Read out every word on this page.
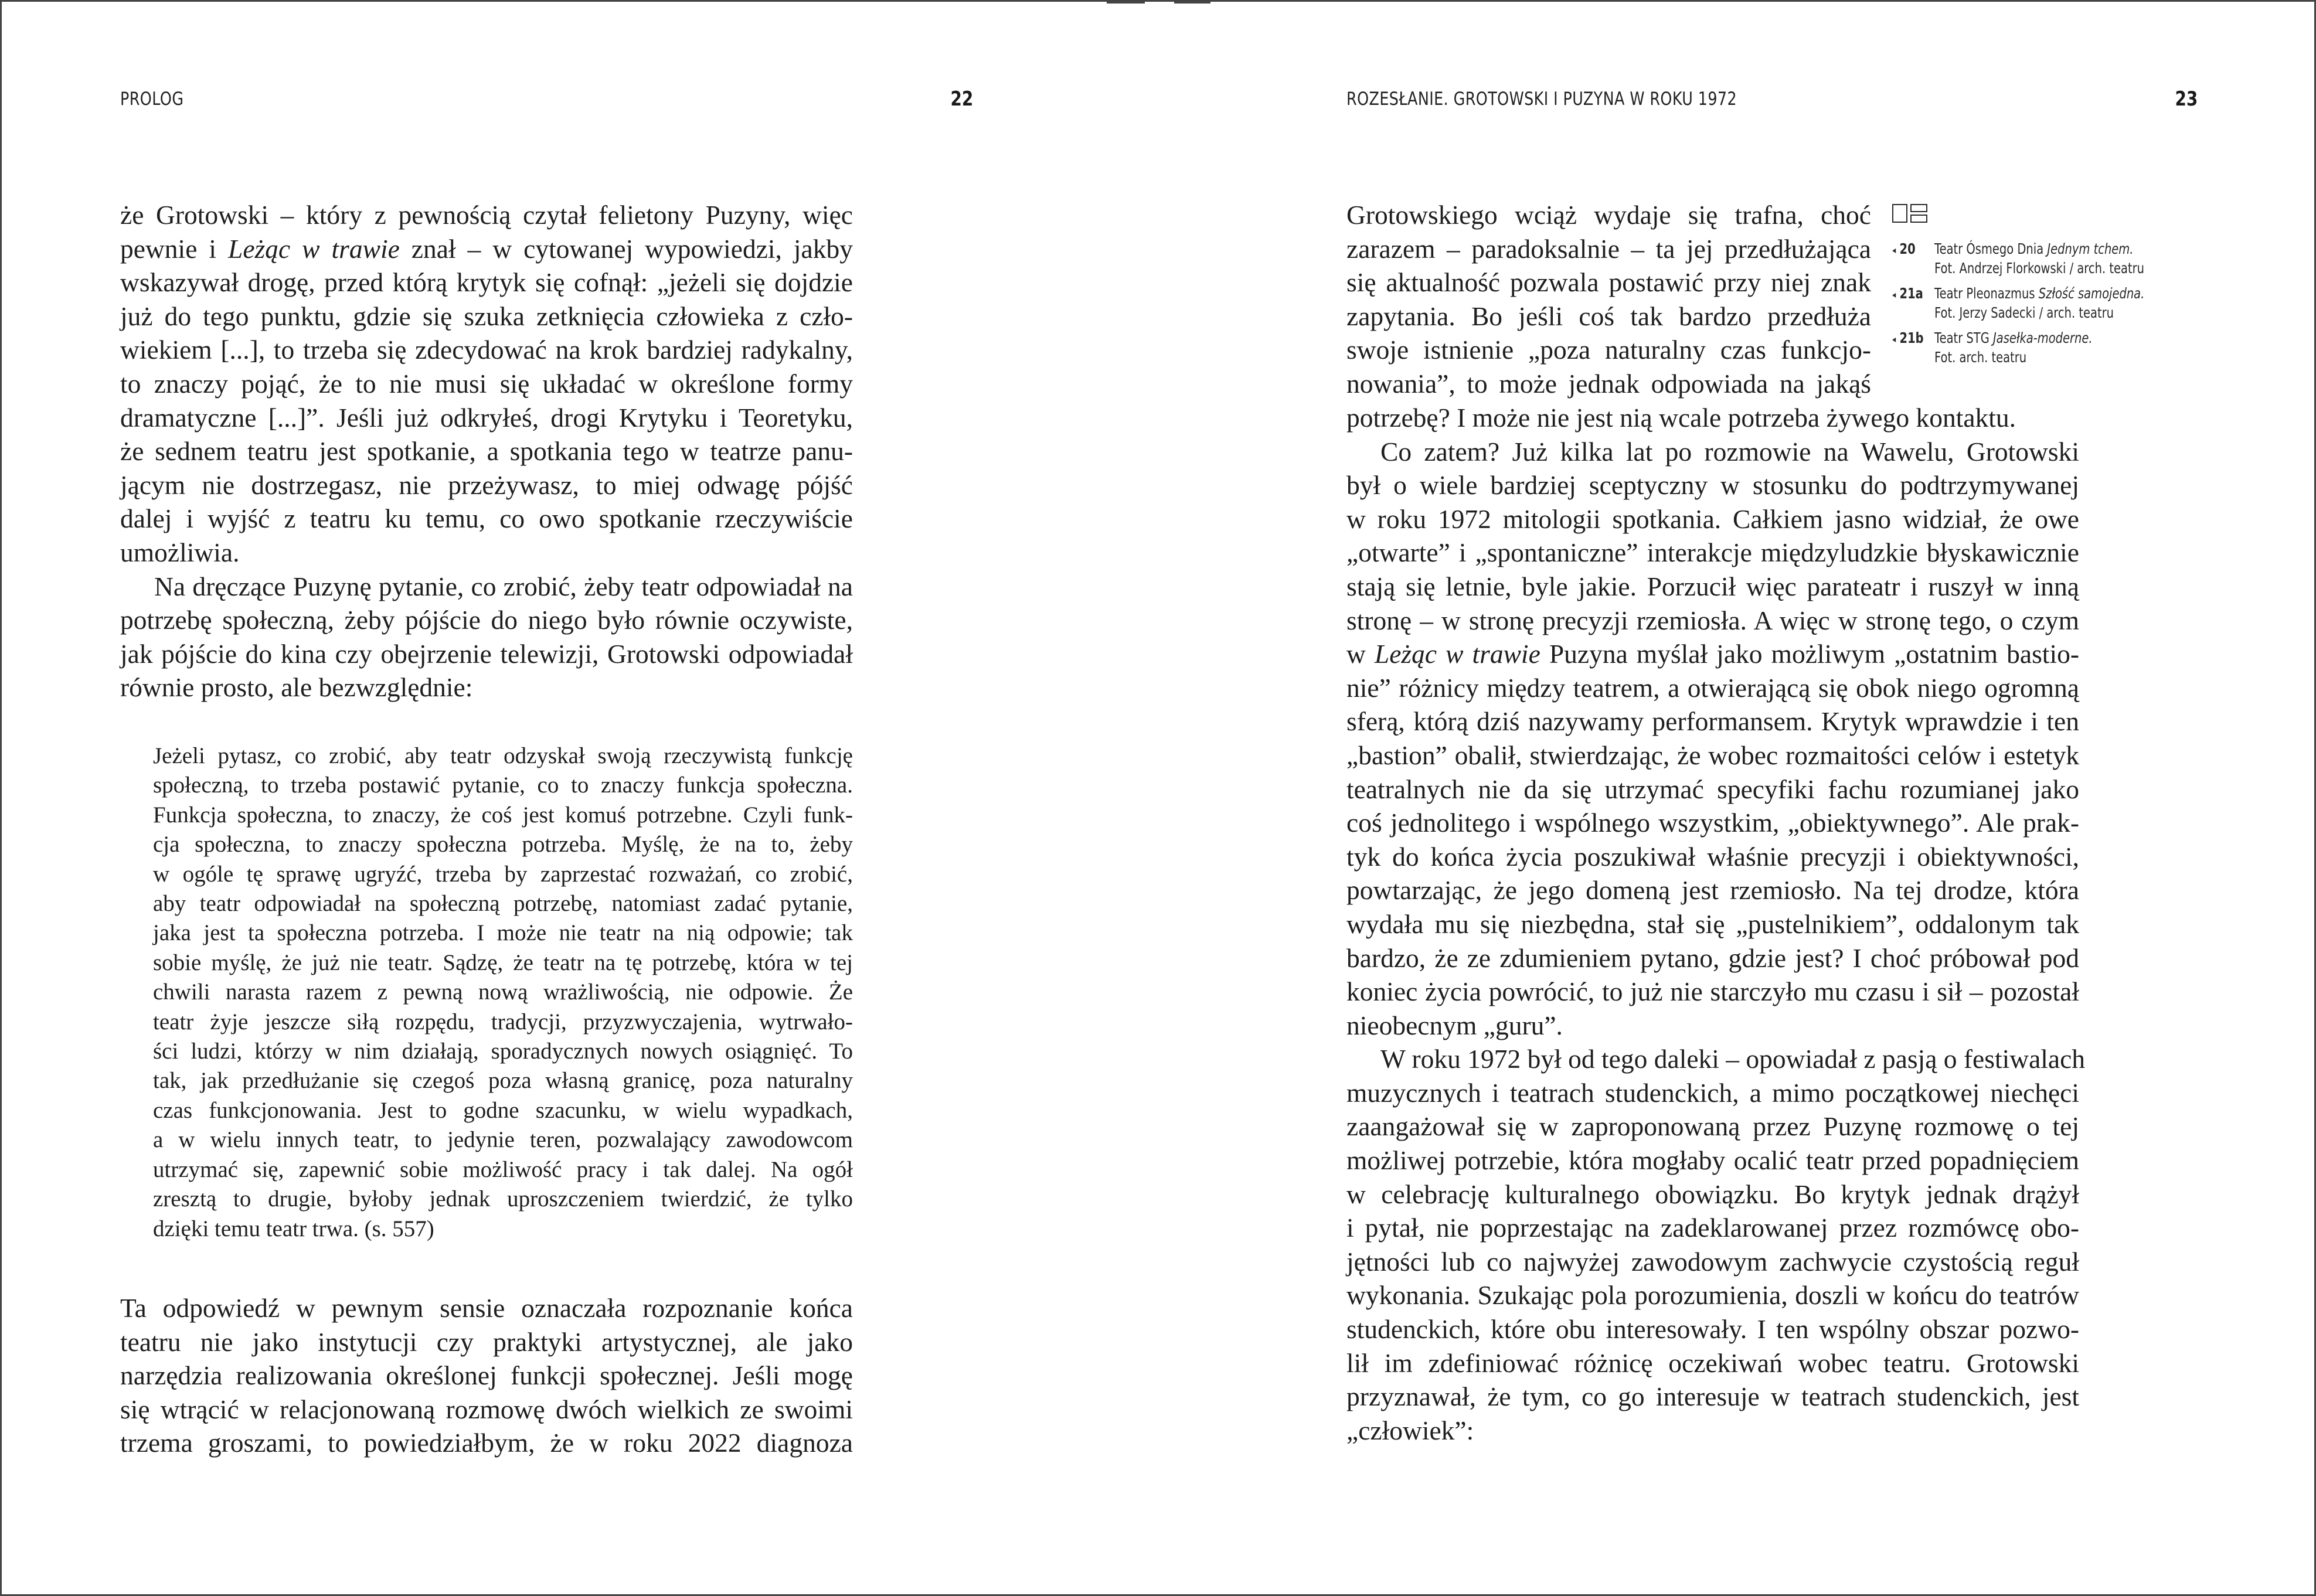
PROLOG	22
że Grotowski – który z pewnością czytał felietony Puzyny, więc
pewnie i Leżąc w trawie znał – w cytowanej wypowiedzi, jakby
wskazywał drogę, przed którą krytyk się cofnął: „jeżeli się dojdzie
już do tego punktu, gdzie się szuka zetknięcia człowieka z czło-
wiekiem [...], to trzeba się zdecydować na krok bardziej radykalny,
to znaczy pojąć, że to nie musi się układać w określone formy
dramatyczne [...]”. Jeśli już odkryłeś, drogi Krytyku i Teoretyku,
że sednem teatru jest spotkanie, a spotkania tego w teatrze panu-
jącym nie dostrzegasz, nie przeżywasz, to miej odwagę pójść
dalej i wyjść z teatru ku temu, co owo spotkanie rzeczywiście
umożliwia.
Na dręczące Puzynę pytanie, co zrobić, żeby teatr odpowiadał na
potrzebę społeczną, żeby pójście do niego było równie oczywiste,
jak pójście do kina czy obejrzenie telewizji, Grotowski odpowiadał
równie prosto, ale bezwzględnie:
Jeżeli pytasz, co zrobić, aby teatr odzyskał swoją rzeczywistą funkcję
społeczną, to trzeba postawić pytanie, co to znaczy funkcja społeczna.
Funkcja społeczna, to znaczy, że coś jest komuś potrzebne. Czyli funk-
cja społeczna, to znaczy społeczna potrzeba. Myślę, że na to, żeby
w ogóle tę sprawę ugryźć, trzeba by zaprzestać rozważań, co zrobić,
aby teatr odpowiadał na społeczną potrzebę, natomiast zadać pytanie,
jaka jest ta społeczna potrzeba. I może nie teatr na nią odpowie; tak
sobie myślę, że już nie teatr. Sądzę, że teatr na tę potrzebę, która w tej
chwili narasta razem z pewną nową wrażliwością, nie odpowie. Że
teatr żyje jeszcze siłą rozpędu, tradycji, przyzwyczajenia, wytrwało-
ści ludzi, którzy w nim działają, sporadycznych nowych osiągnięć. To
tak, jak przedłużanie się czegoś poza własną granicę, poza naturalny
czas funkcjonowania. Jest to godne szacunku, w wielu wypadkach,
a w wielu innych teatr, to jedynie teren, pozwalający zawodowcom
utrzymać się, zapewnić sobie możliwość pracy i tak dalej. Na ogół
zresztą to drugie, byłoby jednak uproszczeniem twierdzić, że tylko
dzięki temu teatr trwa. (s. 557)
Ta odpowiedź w pewnym sensie oznaczała rozpoznanie końca
teatru nie jako instytucji czy praktyki artystycznej, ale jako
narzędzia realizowania określonej funkcji społecznej. Jeśli mogę
się wtrącić w relacjonowaną rozmowę dwóch wielkich ze swoimi
trzema groszami, to powiedziałbym, że w roku 2022 diagnoza
ROZESŁANIE. GROTOWSKI I PUZYNA W ROKU 1972	23
Grotowskiego wciąż wydaje się trafna, choć
zarazem – paradoksalnie – ta jej przedłużająca
się aktualność pozwala postawić przy niej znak
zapytania. Bo jeśli coś tak bardzo przedłuża
swoje istnienie „poza naturalny czas funkcjo-
nowania”, to może jednak odpowiada na jakąś
potrzebę? I może nie jest nią wcale potrzeba żywego kontaktu.
Co zatem? Już kilka lat po rozmowie na Wawelu, Grotowski
był o wiele bardziej sceptyczny w stosunku do podtrzymywanej
w roku 1972 mitologii spotkania. Całkiem jasno widział, że owe
„otwarte” i „spontaniczne” interakcje międzyludzkie błyskawicznie
stają się letnie, byle jakie. Porzucił więc parateatr i ruszył w inną
stronę – w stronę precyzji rzemiosła. A więc w stronę tego, o czym
w Leżąc w trawie Puzyna myślał jako możliwym „ostatnim bastio-
nie” różnicy między teatrem, a otwierającą się obok niego ogromną
sferą, którą dziś nazywamy performansem. Krytyk wprawdzie i ten
„bastion” obalił, stwierdzając, że wobec rozmaitości celów i estetyk
teatralnych nie da się utrzymać specyfiki fachu rozumianej jako
coś jednolitego i wspólnego wszystkim, „obiektywnego”. Ale prak-
tyk do końca życia poszukiwał właśnie precyzji i obiektywności,
powtarzając, że jego domeną jest rzemiosło. Na tej drodze, która
wydała mu się niezbędna, stał się „pustelnikiem”, oddalonym tak
bardzo, że ze zdumieniem pytano, gdzie jest? I choć próbował pod
koniec życia powrócić, to już nie starczyło mu czasu i sił – pozostał
nieobecnym „guru”.
W roku 1972 był od tego daleki – opowiadał z pasją o festiwalach
muzycznych i teatrach studenckich, a mimo początkowej niechęci
zaangażował się w zaproponowaną przez Puzynę rozmowę o tej
możliwej potrzebie, która mogłaby ocalić teatr przed popadnięciem
w celebrację kulturalnego obowiązku. Bo krytyk jednak drążył
i pytał, nie poprzestając na zadeklarowanej przez rozmówcę obo-
jętności lub co najwyżej zawodowym zachwycie czystością reguł
wykonania. Szukając pola porozumienia, doszli w końcu do teatrów
studenckich, które obu interesowały. I ten wspólny obszar pozwo-
lił im zdefiniować różnicę oczekiwań wobec teatru. Grotowski
przyznawał, że tym, co go interesuje w teatrach studenckich, jest
„człowiek”:
◂ 20 Teatr Ósmego Dnia Jednym tchem.
Fot. Andrzej Florkowski / arch. teatru
◂ 21a Teatr Pleonazmus Szłość samojedna.
Fot. Jerzy Sadecki / arch. teatru
◂ 21b Teatr STG Jasełka-moderne.
Fot. arch. teatru
